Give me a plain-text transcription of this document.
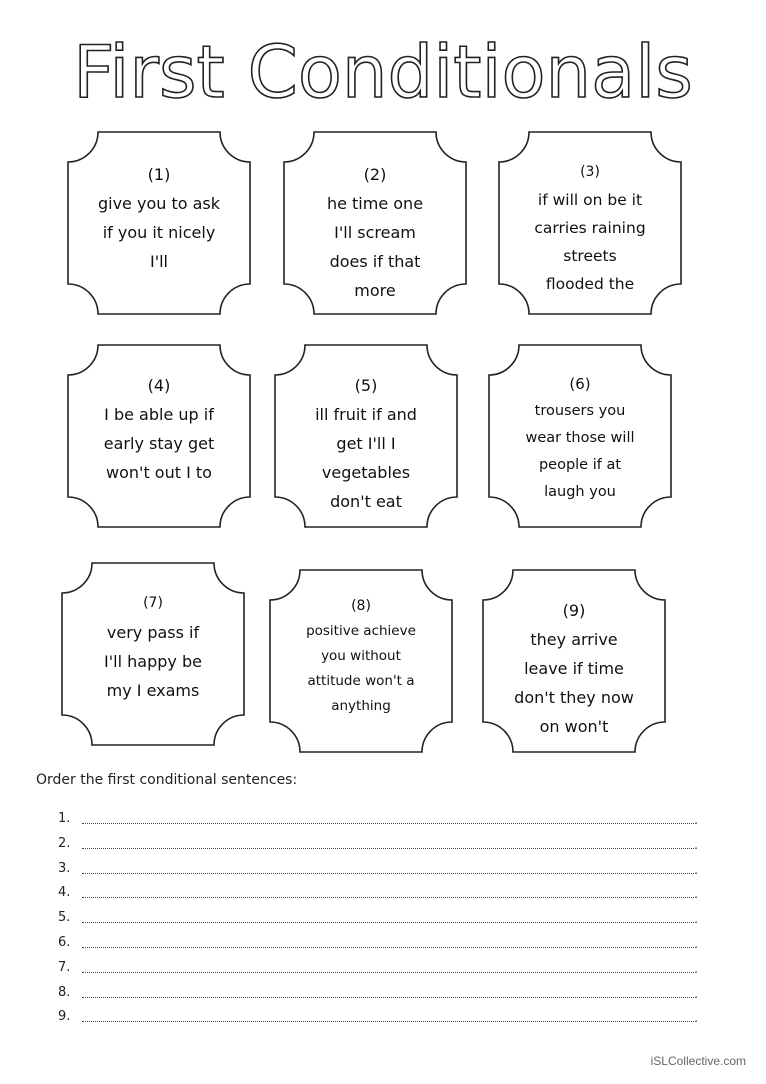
First Conditionals
(1)
give you to ask
if you it nicely
I'll
(2)
he time one
I'll scream
does if that
more
(3)
if will on be it
carries raining
streets
flooded the
(4)
I be able up if
early stay get
won't out I to
(5)
ill fruit if and
get I'll I
vegetables
don't eat
(6)
trousers you
wear those will
people if at
laugh you
(7)
very pass if
I'll happy be
my I exams
(8)
positive achieve
you without
attitude won't a
anything
(9)
they arrive
leave if time
don't they now
on won't
Order the first conditional sentences:
1.	.
2.	.
3.	.
4.	.
5.	.
6.	.
7.	.
8.	.
9.	.
iSLCollective.com
